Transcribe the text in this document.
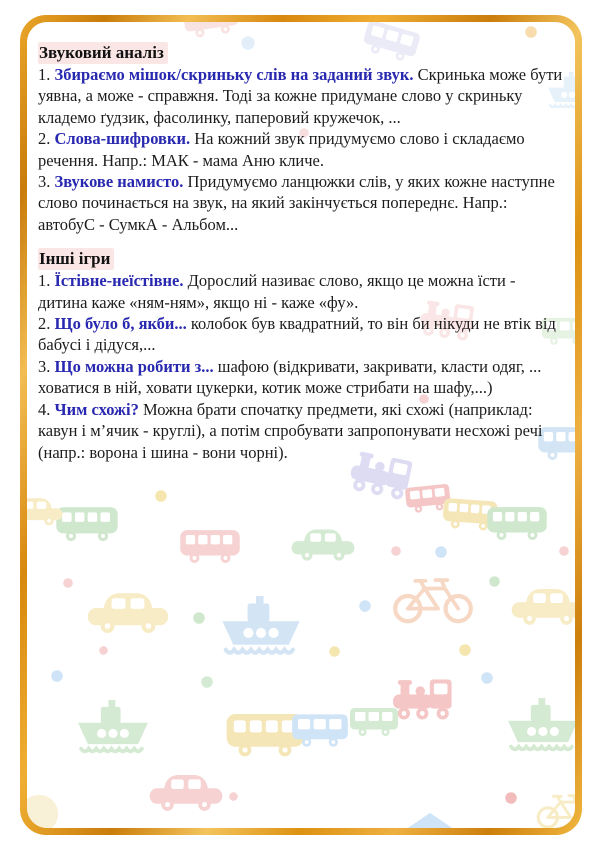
Звуковий аналіз

1. Збираємо мішок/скриньку слів на заданий звук. Скринька може бути уявна, а може - справжня. Тоді за кожне придумане слово у скриньку кладемо ґудзик, фасолинку, паперовий кружечок, ...

2. Слова-шифровки. На кожний звук придумуємо слово і складаємо речення. Напр.: МАК - мама Аню кличе.

3. Звукове намисто. Придумуємо ланцюжки слів, у яких кожне наступне слово починається на звук, на який закінчується попереднє. Напр.: автобуС - СумкА - Альбом...

Інші ігри

1. Їстівне-неїстівне. Дорослий називає слово, якщо це можна їсти - дитина каже «ням-ням», якщо ні - каже «фу».

2. Що було б, якби... колобок був квадратний, то він би нікуди не втік від бабусі і дідуся,...

3. Що можна робити з... шафою (відкривати, закривати, класти одяг, ... ховатися в ній, ховати цукерки, котик може стрибати на шафу,...)

4. Чим схожі? Можна брати спочатку предмети, які схожі (наприклад: кавун і м’ячик - круглі), а потім спробувати запропонувати несхожі речі (напр.: ворона і шина - вони чорні).
